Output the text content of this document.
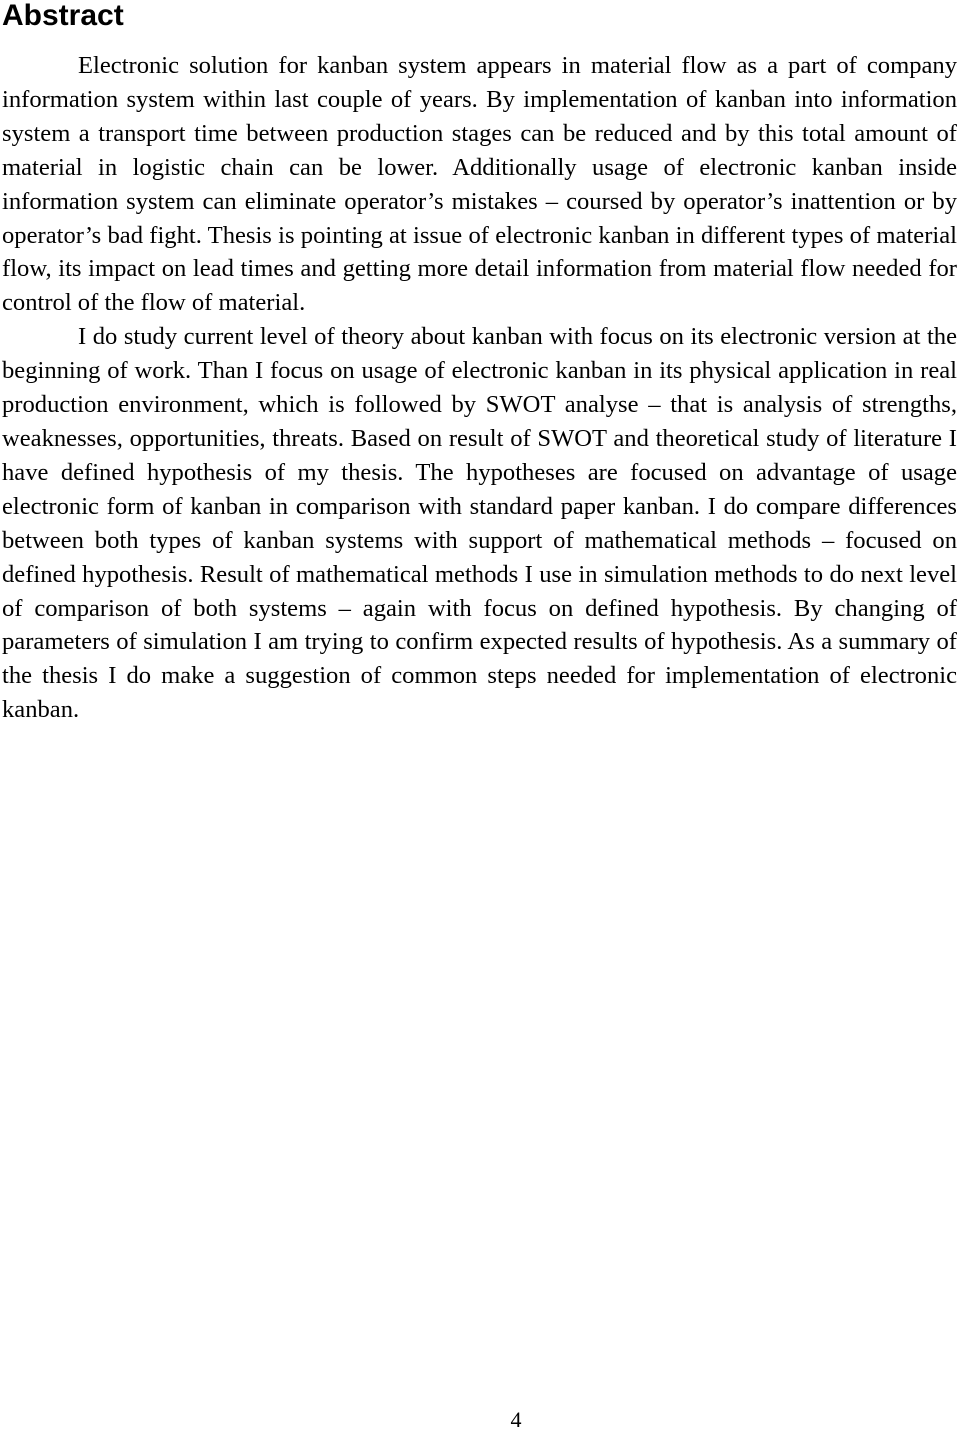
Abstract

Electronic solution for kanban system appears in material flow as a part of company information system within last couple of years. By implementation of kanban into information system a transport time between production stages can be reduced and by this total amount of material in logistic chain can be lower. Additionally usage of electronic kanban inside information system can eliminate operator’s mistakes – coursed by operator’s inattention or by operator’s bad fight. Thesis is pointing at issue of electronic kanban in different types of material flow, its impact on lead times and getting more detail information from material flow needed for control of the flow of material.

I do study current level of theory about kanban with focus on its electronic version at the beginning of work. Than I focus on usage of electronic kanban in its physical application in real production environment, which is followed by SWOT analyse – that is analysis of strengths, weaknesses, opportunities, threats. Based on result of SWOT and theoretical study of literature I have defined hypothesis of my thesis. The hypotheses are focused on advantage of usage electronic form of kanban in comparison with standard paper kanban. I do compare differences between both types of kanban systems with support of mathematical methods – focused on defined hypothesis. Result of mathematical methods I use in simulation methods to do next level of comparison of both systems – again with focus on defined hypothesis. By changing of parameters of simulation I am trying to confirm expected results of hypothesis. As a summary of the thesis I do make a suggestion of common steps needed for implementation of electronic kanban.

4
